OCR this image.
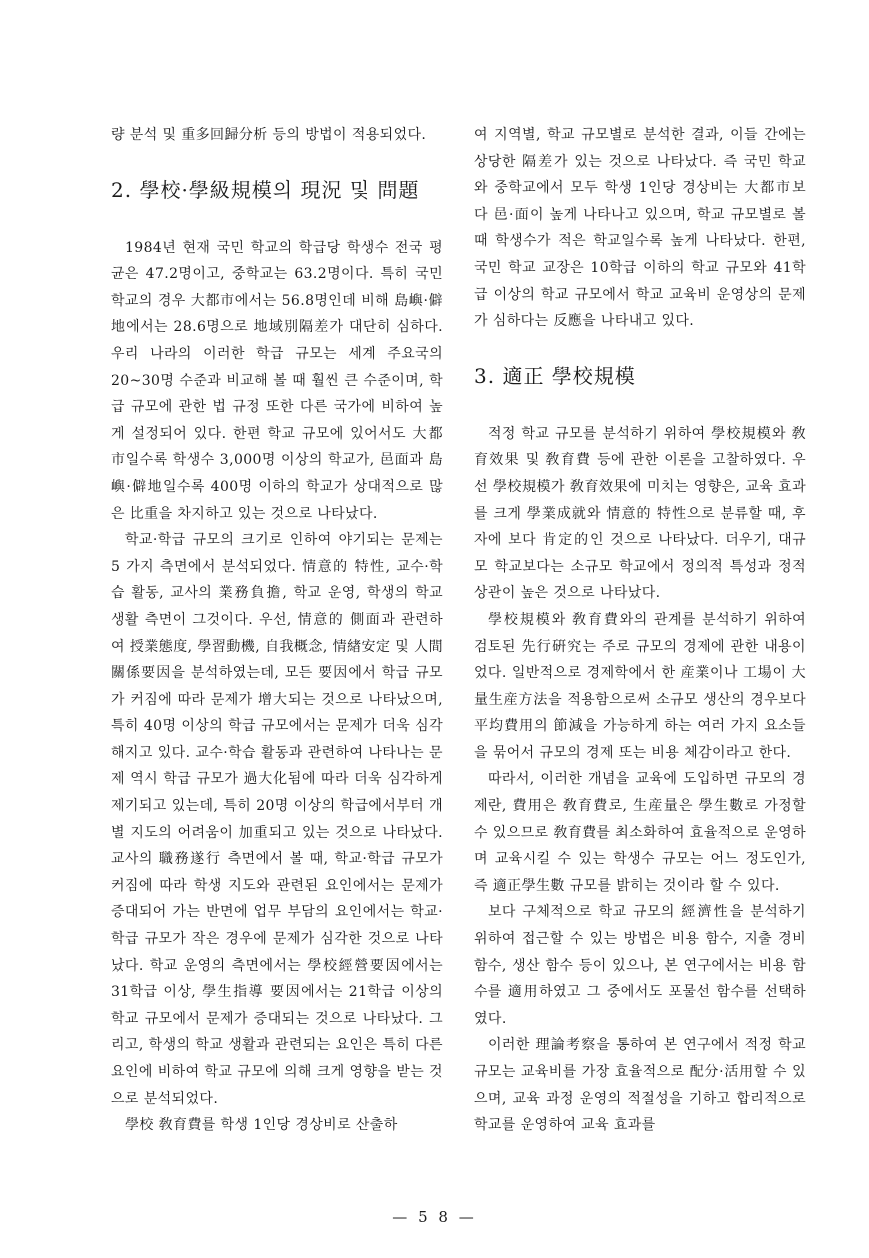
량 분석 및 重多回歸分析 등의 방법이 적용되었다.

2. 學校·學級規模의 現況 및 問題

1984년 현재 국민 학교의 학급당 학생수 전국 평균은 47.2명이고, 중학교는 63.2명이다. 특히 국민 학교의 경우 大都市에서는 56.8명인데 비해 島嶼·僻地에서는 28.6명으로 地域別隔差가 대단히 심하다. 우리 나라의 이러한 학급 규모는 세계 주요국의 20~30명 수준과 비교해 볼 때 훨씬 큰 수준이며, 학급 규모에 관한 법 규정 또한 다른 국가에 비하여 높게 설정되어 있다. 한편 학교 규모에 있어서도 大都市일수록 학생수 3,000명 이상의 학교가, 邑面과 島嶼·僻地일수록 400명 이하의 학교가 상대적으로 많은 比重을 차지하고 있는 것으로 나타났다.

학교·학급 규모의 크기로 인하여 야기되는 문제는 5 가지 측면에서 분석되었다. 情意的 特性, 교수·학습 활동, 교사의 業務負擔, 학교 운영, 학생의 학교 생활 측면이 그것이다. 우선, 情意的 側面과 관련하여 授業態度, 學習動機, 自我概念, 情緖安定 및 人間關係要因을 분석하였는데, 모든 要因에서 학급 규모가 커짐에 따라 문제가 增大되는 것으로 나타났으며, 특히 40명 이상의 학급 규모에서는 문제가 더욱 심각해지고 있다. 교수·학습 활동과 관련하여 나타나는 문제 역시 학급 규모가 過大化됨에 따라 더욱 심각하게 제기되고 있는데, 특히 20명 이상의 학급에서부터 개별 지도의 어려움이 加重되고 있는 것으로 나타났다. 교사의 職務遂行 측면에서 볼 때, 학교·학급 규모가 커짐에 따라 학생 지도와 관련된 요인에서는 문제가 증대되어 가는 반면에 업무 부담의 요인에서는 학교·학급 규모가 작은 경우에 문제가 심각한 것으로 나타났다. 학교 운영의 측면에서는 學校經營要因에서는 31학급 이상, 學生指導 要因에서는 21학급 이상의 학교 규모에서 문제가 증대되는 것으로 나타났다. 그리고, 학생의 학교 생활과 관련되는 요인은 특히 다른 요인에 비하여 학교 규모에 의해 크게 영향을 받는 것으로 분석되었다.

學校 敎育費를 학생 1인당 경상비로 산출하

여 지역별, 학교 규모별로 분석한 결과, 이들 간에는 상당한 隔差가 있는 것으로 나타났다. 즉 국민 학교와 중학교에서 모두 학생 1인당 경상비는 大都市보다 邑·面이 높게 나타나고 있으며, 학교 규모별로 볼 때 학생수가 적은 학교일수록 높게 나타났다. 한편, 국민 학교 교장은 10학급 이하의 학교 규모와 41학급 이상의 학교 규모에서 학교 교육비 운영상의 문제가 심하다는 反應을 나타내고 있다.

3. 適正 學校規模

적정 학교 규모를 분석하기 위하여 學校規模와 敎育效果 및 敎育費 등에 관한 이론을 고찰하였다. 우선 學校規模가 敎育效果에 미치는 영향은, 교육 효과를 크게 學業成就와 情意的 特性으로 분류할 때, 후자에 보다 肯定的인 것으로 나타났다. 더우기, 대규모 학교보다는 소규모 학교에서 정의적 특성과 정적 상관이 높은 것으로 나타났다.

學校規模와 敎育費와의 관계를 분석하기 위하여 검토된 先行硏究는 주로 규모의 경제에 관한 내용이었다. 일반적으로 경제학에서 한 産業이나 工場이 大量生産方法을 적용함으로써 소규모 생산의 경우보다 平均費用의 節減을 가능하게 하는 여러 가지 요소들을 묶어서 규모의 경제 또는 비용 체감이라고 한다.

따라서, 이러한 개념을 교육에 도입하면 규모의 경제란, 費用은 敎育費로, 生産量은 學生數로 가정할 수 있으므로 敎育費를 최소화하여 효율적으로 운영하며 교육시킬 수 있는 학생수 규모는 어느 정도인가, 즉 適正學生數 규모를 밝히는 것이라 할 수 있다.

보다 구체적으로 학교 규모의 經濟性을 분석하기 위하여 접근할 수 있는 방법은 비용 함수, 지출 경비 함수, 생산 함수 등이 있으나, 본 연구에서는 비용 함수를 適用하였고 그 중에서도 포물선 함수를 선택하였다.

이러한 理論考察을 통하여 본 연구에서 적정 학교 규모는 교육비를 가장 효율적으로 配分·活用할 수 있으며, 교육 과정 운영의 적절성을 기하고 합리적으로 학교를 운영하여 교육 효과를

— 5 8 —
